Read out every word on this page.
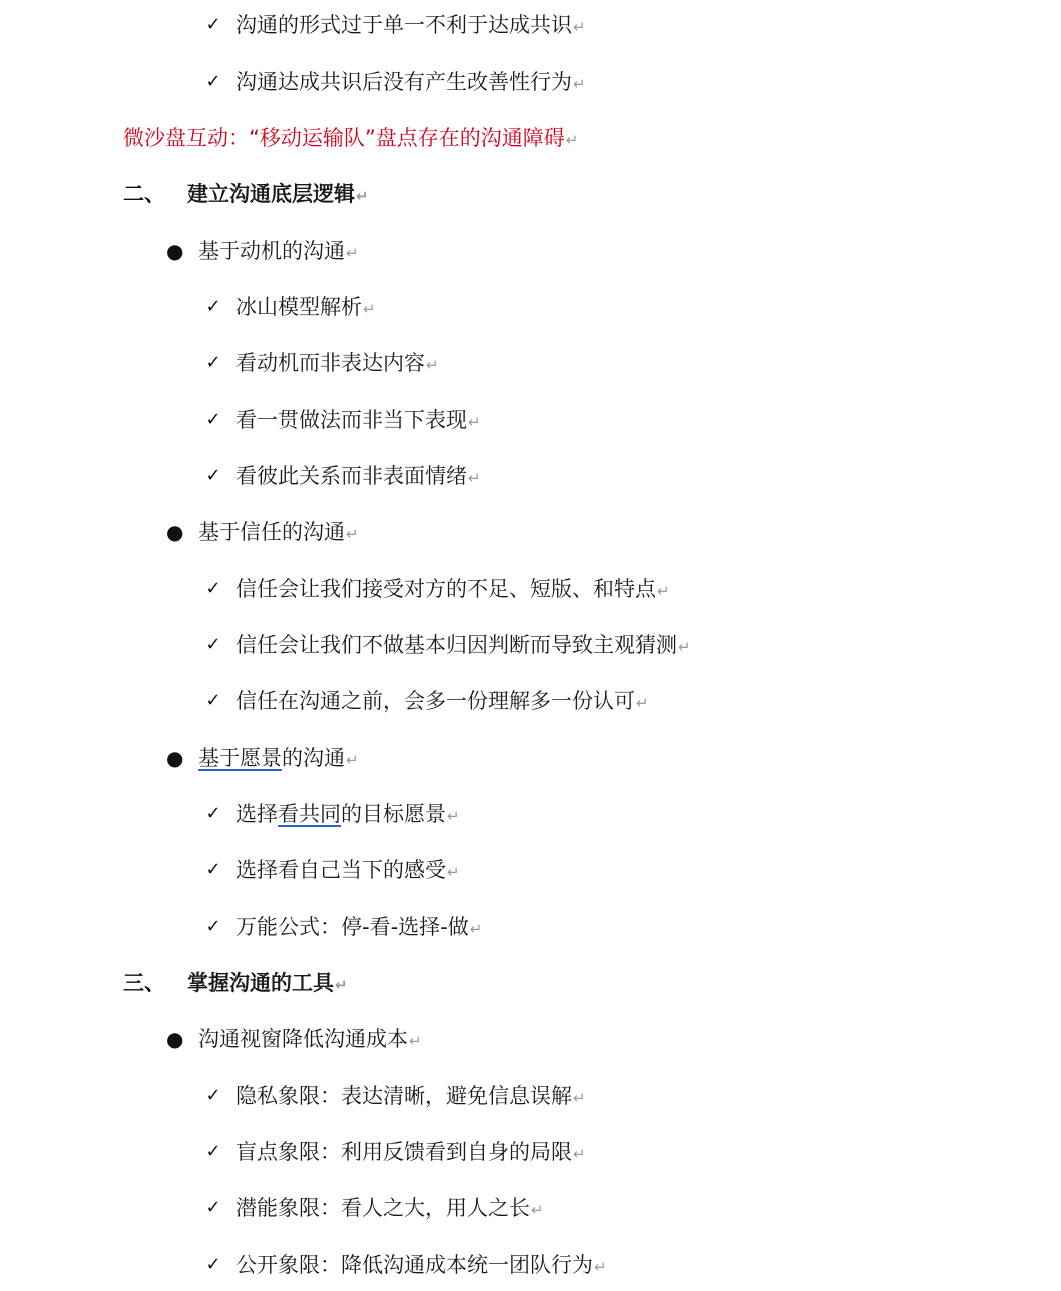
✓ 沟通的形式过于单一不利于达成共识 ↵
✓ 沟通达成共识后没有产生改善性行为 ↵
微沙盘互动：“移动运输队”盘点存在的沟通障碍 ↵
二、	建立沟通底层逻辑 ↵
● 基于动机的沟通 ↵
✓ 冰山模型解析 ↵
✓ 看动机而非表达内容 ↵
✓ 看一贯做法而非当下表现 ↵
✓ 看彼此关系而非表面情绪 ↵
● 基于信任的沟通 ↵
✓ 信任会让我们接受对方的不足、短版、和特点 ↵
✓ 信任会让我们不做基本归因判断而导致主观猜测 ↵
✓ 信任在沟通之前，会多一份理解多一份认可 ↵
● 基于愿景的沟通 ↵
✓ 选择看共同的目标愿景 ↵
✓ 选择看自己当下的感受 ↵
✓ 万能公式：停-看-选择-做 ↵
三、	掌握沟通的工具 ↵
● 沟通视窗降低沟通成本 ↵
✓ 隐私象限：表达清晰，避免信息误解 ↵
✓ 盲点象限：利用反馈看到自身的局限 ↵
✓ 潜能象限：看人之大，用人之长 ↵
✓ 公开象限：降低沟通成本统一团队行为 ↵
